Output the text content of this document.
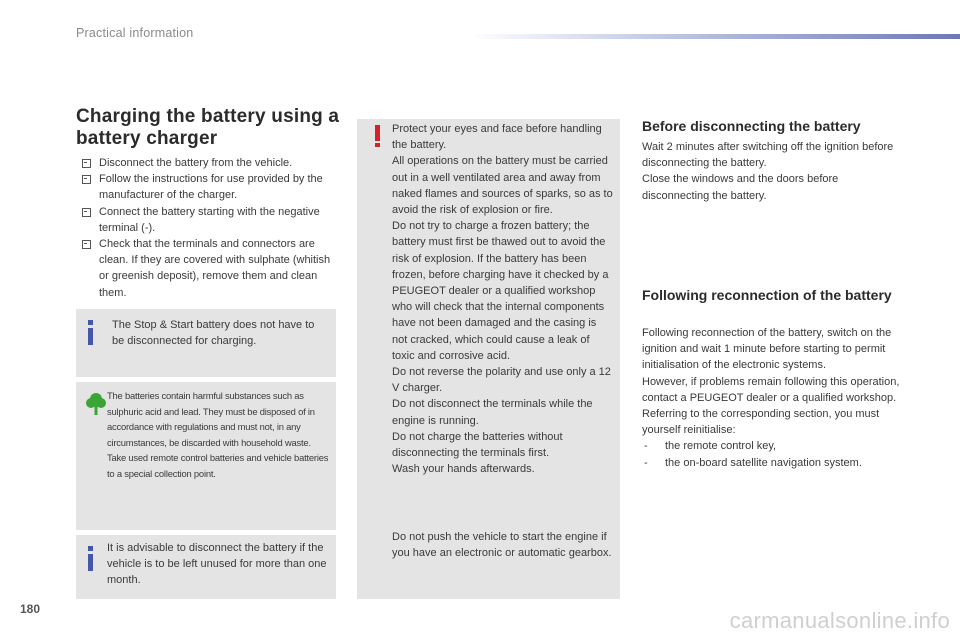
Practical information
Charging the battery using a battery charger
Disconnect the battery from the vehicle.
Follow the instructions for use provided by the manufacturer of the charger.
Connect the battery starting with the negative terminal (-).
Check that the terminals and connectors are clean. If they are covered with sulphate (whitish or greenish deposit), remove them and clean them.
The Stop & Start battery does not have to be disconnected for charging.

The batteries contain harmful substances such as sulphuric acid and lead. They must be disposed of in accordance with regulations and must not, in any circumstances, be discarded with household waste.

Take used remote control batteries and vehicle batteries to a special collection point.

It is advisable to disconnect the battery if the vehicle is to be left unused for more than one month.

Protect your eyes and face before handling the battery.

All operations on the battery must be carried out in a well ventilated area and away from naked flames and sources of sparks, so as to avoid the risk of explosion or fire.

Do not try to charge a frozen battery; the battery must first be thawed out to avoid the risk of explosion. If the battery has been frozen, before charging have it checked by a PEUGEOT dealer or a qualified workshop who will check that the internal components have not been damaged and the casing is not cracked, which could cause a leak of toxic and corrosive acid.

Do not reverse the polarity and use only a 12 V charger.

Do not disconnect the terminals while the engine is running.

Do not charge the batteries without disconnecting the terminals first.

Wash your hands afterwards.

Do not push the vehicle to start the engine if you have an electronic or automatic gearbox.
Before disconnecting the battery

Wait 2 minutes after switching off the ignition before disconnecting the battery.

Close the windows and the doors before disconnecting the battery.

Following reconnection of the battery

Following reconnection of the battery, switch on the ignition and wait 1 minute before starting to permit initialisation of the electronic systems.

However, if problems remain following this operation, contact a PEUGEOT dealer or a qualified workshop.

Referring to the corresponding section, you must yourself reinitialise:

- the remote control key,
- the on-board satellite navigation system.
180	carmanualsonline.info
